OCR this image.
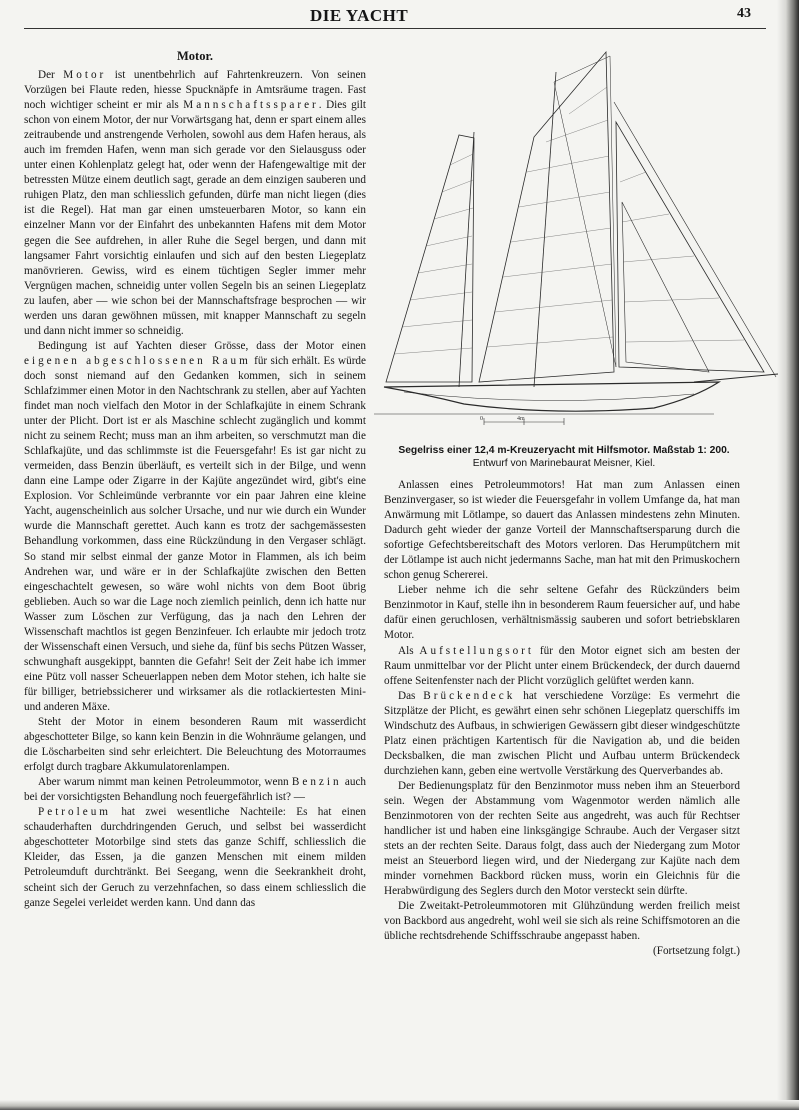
DIE YACHT	43
Motor.

Der Motor ist unentbehrlich auf Fahrtenkreuzern. Von seinen Vorzügen bei Flaute reden, hiesse Spucknäpfe in Amtsräume tragen. Fast noch wichtiger scheint er mir als Mannschaftssparer. Dies gilt schon von einem Motor, der nur Vorwärtsgang hat, denn er spart einem alles zeitraubende und anstrengende Verholen, sowohl aus dem Hafen heraus, als auch im fremden Hafen, wenn man sich gerade vor den Sielausguss oder unter einen Kohlenplatz gelegt hat, oder wenn der Hafengewaltige mit der betressten Mütze einem deutlich sagt, gerade an dem einzigen sauberen und ruhigen Platz, den man schliesslich gefunden, dürfe man nicht liegen (dies ist die Regel). Hat man gar einen umsteuerbaren Motor, so kann ein einzelner Mann vor der Einfahrt des unbekannten Hafens mit dem Motor gegen die See aufdrehen, in aller Ruhe die Segel bergen, und dann mit langsamer Fahrt vorsichtig einlaufen und sich auf den besten Liegeplatz manövrieren. Gewiss, wird es einem tüchtigen Segler immer mehr Vergnügen machen, schneidig unter vollen Segeln bis an seinen Liegeplatz zu laufen, aber — wie schon bei der Mannschaftsfrage besprochen — wir werden uns daran gewöhnen müssen, mit knapper Mannschaft zu segeln und dann nicht immer so schneidig.

Bedingung ist auf Yachten dieser Grösse, dass der Motor einen eigenen abgeschlossenen Raum für sich erhält. Es würde doch sonst niemand auf den Gedanken kommen, sich in seinem Schlafzimmer einen Motor in den Nachtschrank zu stellen, aber auf Yachten findet man noch vielfach den Motor in der Schlafkajüte in einem Schrank unter der Plicht. Dort ist er als Maschine schlecht zugänglich und kommt nicht zu seinem Recht; muss man an ihm arbeiten, so verschmutzt man die Schlafkajüte, und das schlimmste ist die Feuersgefahr! Es ist gar nicht zu vermeiden, dass Benzin überläuft, es verteilt sich in der Bilge, und wenn dann eine Lampe oder Zigarre in der Kajüte angezündet wird, gibt's eine Explosion. Vor Schleimünde verbrannte vor ein paar Jahren eine kleine Yacht, augenscheinlich aus solcher Ursache, und nur wie durch ein Wunder wurde die Mannschaft gerettet. Auch kann es trotz der sachgemässesten Behandlung vorkommen, dass eine Rückzündung in den Vergaser schlägt. So stand mir selbst einmal der ganze Motor in Flammen, als ich beim Andrehen war, und wäre er in der Schlafkajüte zwischen den Betten eingeschachtelt gewesen, so wäre wohl nichts von dem Boot übrig geblieben. Auch so war die Lage noch ziemlich peinlich, denn ich hatte nur Wasser zum Löschen zur Verfügung, das ja nach den Lehren der Wissenschaft machtlos ist gegen Benzinfeuer. Ich erlaubte mir jedoch trotz der Wissenschaft einen Versuch, und siehe da, fünf bis sechs Pützen Wasser, schwunghaft ausgekippt, bannten die Gefahr! Seit der Zeit habe ich immer eine Pütz voll nasser Scheuerlappen neben dem Motor stehen, ich halte sie für billiger, betriebssicherer und wirksamer als die rotlackiertesten Mini- und anderen Mäxe.

Steht der Motor in einem besonderen Raum mit wasserdicht abgeschotteter Bilge, so kann kein Benzin in die Wohnräume gelangen, und die Löscharbeiten sind sehr erleichtert. Die Beleuchtung des Motorraumes erfolgt durch tragbare Akkumulatorenlampen.

Aber warum nimmt man keinen Petroleummotor, wenn Benzin auch bei der vorsichtigsten Behandlung noch feuergefährlich ist? —

Petroleum hat zwei wesentliche Nachteile: Es hat einen schauderhaften durchdringenden Geruch, und selbst bei wasserdicht abgeschotteter Motorbilge sind stets das ganze Schiff, schliesslich die Kleider, das Essen, ja die ganzen Menschen mit einem milden Petroleumduft durchtränkt. Bei Seegang, wenn die Seekrankheit droht, scheint sich der Geruch zu verzehnfachen, so dass einem schliesslich die ganze Segelei verleidet werden kann. Und dann das

0	4m
Segelriss einer 12,4 m-Kreuzeryacht mit Hilfsmotor. Maßstab 1: 200.
Entwurf von Marinebaurat Meisner, Kiel.

Anlassen eines Petroleummotors! Hat man zum Anlassen einen Benzinvergaser, so ist wieder die Feuersgefahr in vollem Umfange da, hat man Anwärmung mit Lötlampe, so dauert das Anlassen mindestens zehn Minuten. Dadurch geht wieder der ganze Vorteil der Mannschaftsersparung durch die sofortige Gefechtsbereitschaft des Motors verloren. Das Herumpütchern mit der Lötlampe ist auch nicht jedermanns Sache, man hat mit den Primuskochern schon genug Schererei.

Lieber nehme ich die sehr seltene Gefahr des Rückzünders beim Benzinmotor in Kauf, stelle ihn in besonderem Raum feuersicher auf, und habe dafür einen geruchlosen, verhältnismässig sauberen und sofort betriebsklaren Motor.

Als Aufstellungsort für den Motor eignet sich am besten der Raum unmittelbar vor der Plicht unter einem Brückendeck, der durch dauernd offene Seitenfenster nach der Plicht vorzüglich gelüftet werden kann.

Das Brückendeck hat verschiedene Vorzüge: Es vermehrt die Sitzplätze der Plicht, es gewährt einen sehr schönen Liegeplatz querschiffs im Windschutz des Aufbaus, in schwierigen Gewässern gibt dieser windgeschützte Platz einen prächtigen Kartentisch für die Navigation ab, und die beiden Decksbalken, die man zwischen Plicht und Aufbau unterm Brückendeck durchziehen kann, geben eine wertvolle Verstärkung des Querverbandes ab.

Der Bedienungsplatz für den Benzinmotor muss neben ihm an Steuerbord sein. Wegen der Abstammung vom Wagenmotor werden nämlich alle Benzinmotoren von der rechten Seite aus angedreht, was auch für Rechtser handlicher ist und haben eine linksgängige Schraube. Auch der Vergaser sitzt stets an der rechten Seite. Daraus folgt, dass auch der Niedergang zum Motor meist an Steuerbord liegen wird, und der Niedergang zur Kajüte nach dem minder vornehmen Backbord rücken muss, worin ein Gleichnis für die Herabwürdigung des Seglers durch den Motor versteckt sein dürfte.

Die Zweitakt-Petroleummotoren mit Glühzündung werden freilich meist von Backbord aus angedreht, wohl weil sie sich als reine Schiffsmotoren an die übliche rechtsdrehende Schiffsschraube angepasst haben.
(Fortsetzung folgt.)
